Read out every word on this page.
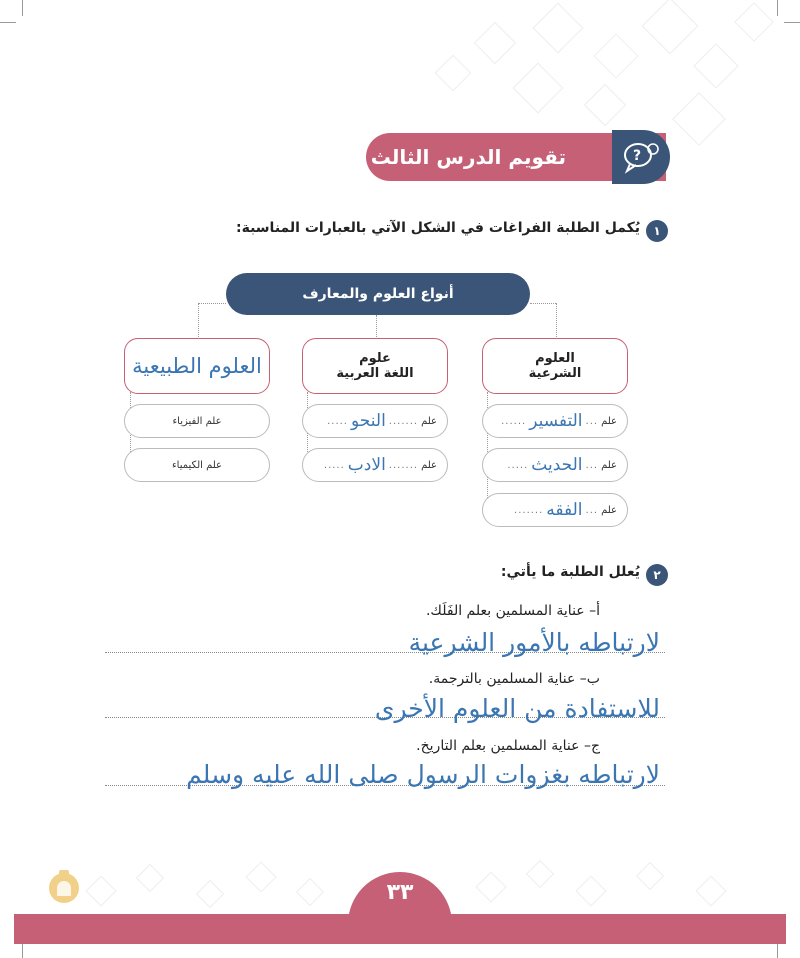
تقويم الدرس الثالث	?
١
يُكمل الطلبة الفراغات في الشكل الآتي بالعبارات المناسبة:
أنواع العلوم والمعارف
العلوم
الشرعية
علم
...
التفسير
......
علم
...
الحديث
.....
علم
...
الفقه
.......
علوم
اللغة العربية
علم
.......
النحو
.....
علم
.......
الادب
.....
العلوم الطبيعية
علم الفيزياء
علم الكيمياء
٢
يُعلل الطلبة ما يأتي:
أ– عناية المسلمين بعلم الفَلَك.
لارتباطه بالأمور الشرعية
ب– عناية المسلمين بالترجمة.
للاستفادة من العلوم الأخرى
ج– عناية المسلمين بعلم التاريخ.
لارتباطه بغزوات الرسول صلى الله عليه وسلم
٣٣
